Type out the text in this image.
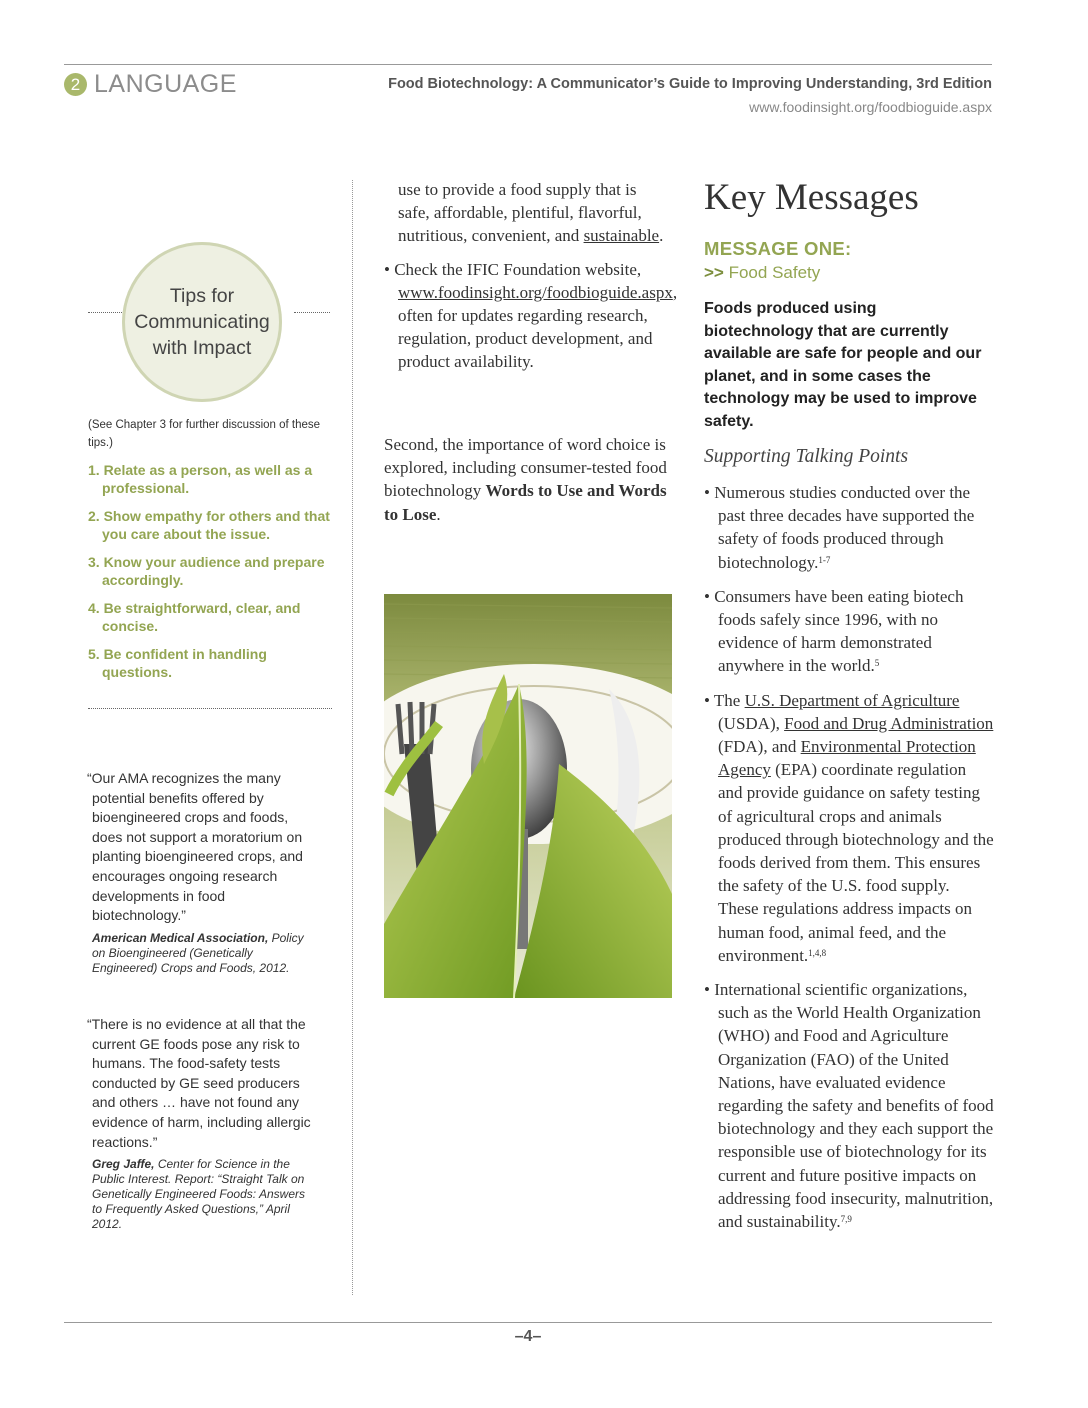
2 LANGUAGE	Food Biotechnology: A Communicator’s Guide to Improving Understanding, 3rd Edition
www.foodinsight.org/foodbioguide.aspx
Tips for Communicating with Impact
(See Chapter 3 for further discussion of these tips.)
1. Relate as a person, as well as a professional.
2. Show empathy for others and that you care about the issue.
3. Know your audience and prepare accordingly.
4. Be straightforward, clear, and concise.
5. Be confident in handling questions.

“Our AMA recognizes the many potential benefits offered by bioengineered crops and foods, does not support a moratorium on planting bioengineered crops, and encourages ongoing research developments in food biotechnology.”

American Medical Association, Policy on Bioengineered (Genetically Engineered) Crops and Foods, 2012.

“There is no evidence at all that the current GE foods pose any risk to humans. The food-safety tests conducted by GE seed producers and others … have not found any evidence of harm, including allergic reactions.”

Greg Jaffe, Center for Science in the Public Interest. Report: “Straight Talk on Genetically Engineered Foods: Answers to Frequently Asked Questions,” April 2012.
use to provide a food supply that is safe, affordable, plentiful, flavorful, nutritious, convenient, and sustainable.
• Check the IFIC Foundation website, www.foodinsight.org/foodbioguide.aspx, often for updates regarding research, regulation, product development, and product availability.
Second, the importance of word choice is explored, including consumer-tested food biotechnology Words to Use and Words to Lose.
Key Messages
MESSAGE ONE:
>> Food Safety
Foods produced using biotechnology that are currently available are safe for people and our planet, and in some cases the technology may be used to improve safety.
Supporting Talking Points
• Numerous studies conducted over the past three decades have supported the safety of foods produced through biotechnology.$^{1-7}$
• Consumers have been eating biotech foods safely since 1996, with no evidence of harm demonstrated anywhere in the world.$^5$
• The U.S. Department of Agriculture (USDA), Food and Drug Administration (FDA), and Environmental Protection Agency (EPA) coordinate regulation and provide guidance on safety testing of agricultural crops and animals produced through biotechnology and the foods derived from them. This ensures the safety of the U.S. food supply. These regulations address impacts on human food, animal feed, and the environment.$^{1,4,8}$
• International scientific organizations, such as the World Health Organization (WHO) and Food and Agriculture Organization (FAO) of the United Nations, have evaluated evidence regarding the safety and benefits of food biotechnology and they each support the responsible use of biotechnology for its current and future positive impacts on addressing food insecurity, malnutrition, and sustainability.$^{7,9}$
–4–
